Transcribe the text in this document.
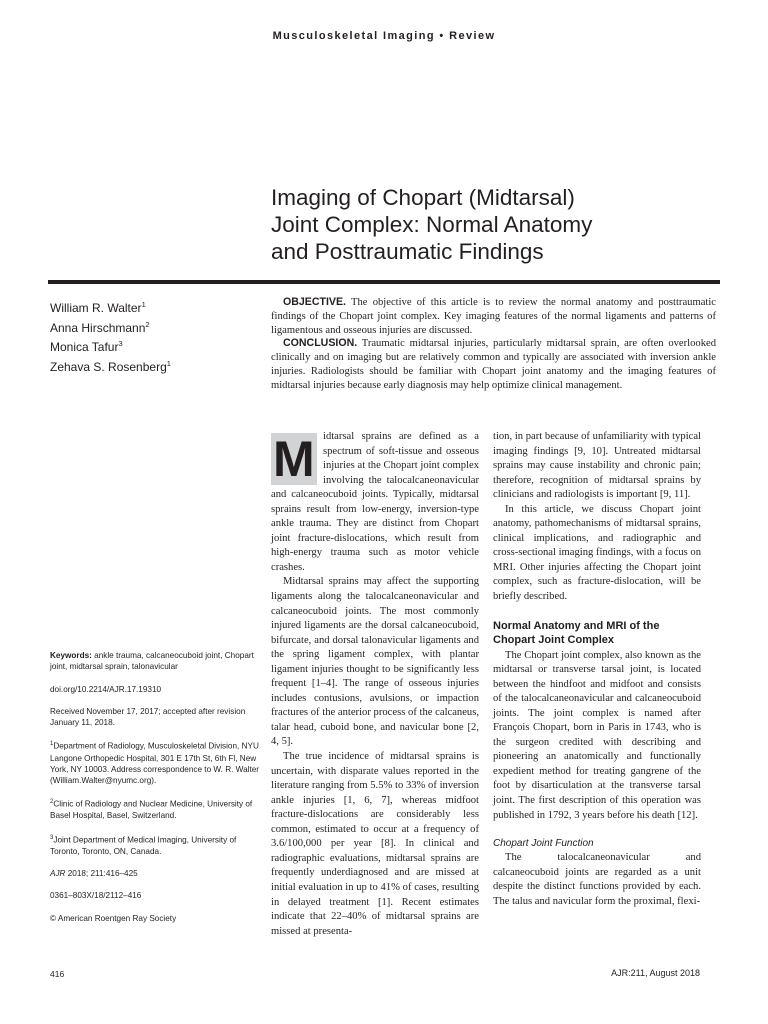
Musculoskeletal Imaging • Review
Imaging of Chopart (Midtarsal)
Joint Complex: Normal Anatomy
and Posttraumatic Findings
William R. Walter$^1$
Anna Hirschmann$^2$
Monica Tafur$^3$
Zehava S. Rosenberg$^1$

OBJECTIVE. The objective of this article is to review the normal anatomy and posttraumatic findings of the Chopart joint complex. Key imaging features of the normal ligaments and patterns of ligamentous and osseous injuries are discussed.

CONCLUSION. Traumatic midtarsal injuries, particularly midtarsal sprain, are often overlooked clinically and on imaging but are relatively common and typically are associated with inversion ankle injuries. Radiologists should be familiar with Chopart joint anatomy and the imaging features of midtarsal injuries because early diagnosis may help optimize clinical management.

Keywords: ankle trauma, calcaneocuboid joint, Chopart joint, midtarsal sprain, talonavicular

doi.org/10.2214/AJR.17.19310

Received November 17, 2017; accepted after revision January 11, 2018.

$^1$Department of Radiology, Musculoskeletal Division, NYU Langone Orthopedic Hospital, 301 E 17th St, 6th Fl, New York, NY 10003. Address correspondence to W. R. Walter (William.Walter@nyumc.org).

$^2$Clinic of Radiology and Nuclear Medicine, University of Basel Hospital, Basel, Switzerland.

$^3$Joint Department of Medical Imaging, University of Toronto, Toronto, ON, Canada.

AJR 2018; 211:416–425

0361–803X/18/2112–416

© American Roentgen Ray Society

M idtarsal sprains are defined as a spectrum of soft-tissue and osseous injuries at the Chopart joint complex involving the talocalcaneonavicular and calcaneocuboid joints. Typically, midtarsal sprains result from low-energy, inversion-type ankle trauma. They are distinct from Chopart joint fracture-dislocations, which result from high-energy trauma such as motor vehicle crashes.

Midtarsal sprains may affect the supporting ligaments along the talocalcaneonavicular and calcaneocuboid joints. The most commonly injured ligaments are the dorsal calcaneocuboid, bifurcate, and dorsal talonavicular ligaments and the spring ligament complex, with plantar ligament injuries thought to be significantly less frequent [1–4]. The range of osseous injuries includes contusions, avulsions, or impaction fractures of the anterior process of the calcaneus, talar head, cuboid bone, and navicular bone [2, 4, 5].

The true incidence of midtarsal sprains is uncertain, with disparate values reported in the literature ranging from 5.5% to 33% of inversion ankle injuries [1, 6, 7], whereas midfoot fracture-dislocations are considerably less common, estimated to occur at a frequency of 3.6/100,000 per year [8]. In clinical and radiographic evaluations, midtarsal sprains are frequently underdiagnosed and are missed at initial evaluation in up to 41% of cases, resulting in delayed treatment [1]. Recent estimates indicate that 22–40% of midtarsal sprains are missed at presenta-

tion, in part because of unfamiliarity with typical imaging findings [9, 10]. Untreated midtarsal sprains may cause instability and chronic pain; therefore, recognition of midtarsal sprains by clinicians and radiologists is important [9, 11].

In this article, we discuss Chopart joint anatomy, pathomechanisms of midtarsal sprains, clinical implications, and radiographic and cross-sectional imaging findings, with a focus on MRI. Other injuries affecting the Chopart joint complex, such as fracture-dislocation, will be briefly described.

Normal Anatomy and MRI of the Chopart Joint Complex

The Chopart joint complex, also known as the midtarsal or transverse tarsal joint, is located between the hindfoot and midfoot and consists of the talocalcaneonavicular and calcaneocuboid joints. The joint complex is named after François Chopart, born in Paris in 1743, who is the surgeon credited with describing and pioneering an anatomically and functionally expedient method for treating gangrene of the foot by disarticulation at the transverse tarsal joint. The first description of this operation was published in 1792, 3 years before his death [12].

Chopart Joint Function

The talocalcaneonavicular and calcaneocuboid joints are regarded as a unit despite the distinct functions provided by each. The talus and navicular form the proximal, flexi-

416	AJR:211, August 2018
